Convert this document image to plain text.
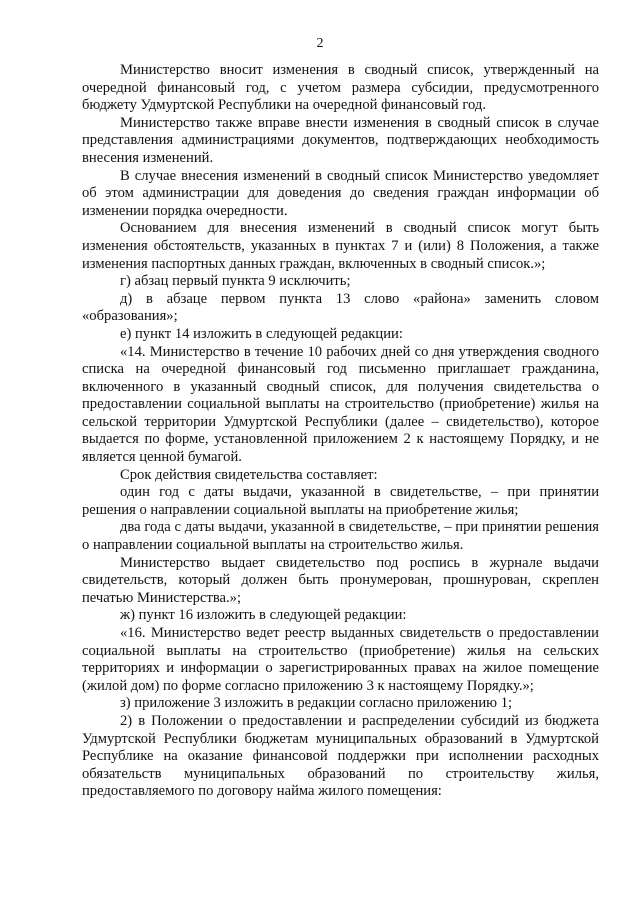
2

Министерство вносит изменения в сводный список, утвержденный на очередной финансовый год, с учетом размера субсидии, предусмотренного бюджету Удмуртской Республики на очередной финансовый год.

Министерство также вправе внести изменения в сводный список в случае представления администрациями документов, подтверждающих необходимость внесения изменений.

В случае внесения изменений в сводный список Министерство уведомляет об этом администрации для доведения до сведения граждан информации об изменении порядка очередности.

Основанием для внесения изменений в сводный список могут быть изменения обстоятельств, указанных в пунктах 7 и (или) 8 Положения, а также изменения паспортных данных граждан, включенных в сводный список.»;

г) абзац первый пункта 9 исключить;

д) в абзаце первом пункта 13 слово «района» заменить словом «образования»;

е) пункт 14 изложить в следующей редакции:

«14. Министерство в течение 10 рабочих дней со дня утверждения сводного списка на очередной финансовый год письменно приглашает гражданина, включенного в указанный сводный список, для получения свидетельства о предоставлении социальной выплаты на строительство (приобретение) жилья на сельской территории Удмуртской Республики (далее – свидетельство), которое выдается по форме, установленной приложением 2 к настоящему Порядку, и не является ценной бумагой.

Срок действия свидетельства составляет:

один год с даты выдачи, указанной в свидетельстве, – при принятии решения о направлении социальной выплаты на приобретение жилья;

два года с даты выдачи, указанной в свидетельстве, – при принятии решения о направлении социальной выплаты на строительство жилья.

Министерство выдает свидетельство под роспись в журнале выдачи свидетельств, который должен быть пронумерован, прошнурован, скреплен печатью Министерства.»;

ж) пункт 16 изложить в следующей редакции:

«16. Министерство ведет реестр выданных свидетельств о предоставлении социальной выплаты на строительство (приобретение) жилья на сельских территориях и информации о зарегистрированных правах на жилое помещение (жилой дом) по форме согласно приложению 3 к настоящему Порядку.»;

з) приложение 3 изложить в редакции согласно приложению 1;

2) в Положении о предоставлении и распределении субсидий из бюджета Удмуртской Республики бюджетам муниципальных образований в Удмуртской Республике на оказание финансовой поддержки при исполнении расходных обязательств муниципальных образований по строительству жилья, предоставляемого по договору найма жилого помещения:
